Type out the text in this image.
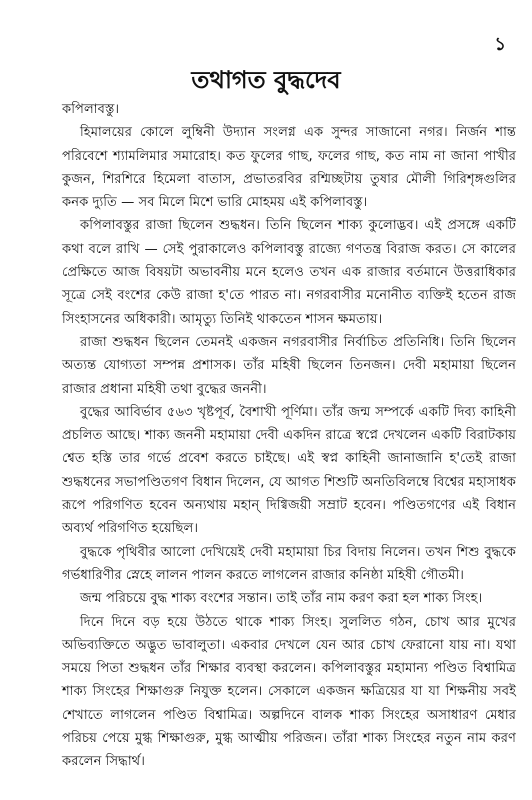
১
তথাগত বুদ্ধদেব

কপিলাবস্তু।

হিমালয়ের কোলে লুম্বিনী উদ্যান সংলগ্ন এক সুন্দর সাজানো নগর। নির্জন শান্ত পরিবেশে শ্যামলিমার সমারোহ। কত ফুলের গাছ, ফলের গাছ, কত নাম না জানা পাখীর কুজন, শিরশিরে হিমেলা বাতাস, প্রভাতরবির রশ্মিচ্ছটায় তুষার মৌলী গিরিশৃঙ্গগুলির কনক দ্যুতি — সব মিলে মিশে ভারি মোহময় এই কপিলাবস্তু।

কপিলাবস্তুর রাজা ছিলেন শুদ্ধধন। তিনি ছিলেন শাক্য কুলোদ্ভব। এই প্রসঙ্গে একটি কথা বলে রাখি — সেই পুরাকালেও কপিলাবস্তু রাজ্যে গণতন্ত্র বিরাজ করত। সে কালের প্রেক্ষিতে আজ বিষয়টা অভাবনীয় মনে হলেও তখন এক রাজার বর্তমানে উত্তরাধিকার সূত্রে সেই বংশের কেউ রাজা হ'তে পারত না। নগরবাসীর মনোনীত ব্যক্তিই হতেন রাজ সিংহাসনের অধিকারী। আমৃত্যু তিনিই থাকতেন শাসন ক্ষমতায়।

রাজা শুদ্ধধন ছিলেন তেমনই একজন নগরবাসীর নির্বাচিত প্রতিনিধি। তিনি ছিলেন অত্যন্ত যোগ্যতা সম্পন্ন প্রশাসক। তাঁর মহিষী ছিলেন তিনজন। দেবী মহামায়া ছিলেন রাজার প্রধানা মহিষী তথা বুদ্ধের জননী।

বুদ্ধের আবির্ভাব ৫৬৩ খৃষ্টপূর্ব, বৈশাখী পূর্ণিমা। তাঁর জন্ম সম্পর্কে একটি দিব্য কাহিনী প্রচলিত আছে। শাক্য জননী মহামায়া দেবী একদিন রাত্রে স্বপ্নে দেখলেন একটি বিরাটকায় শ্বেত হস্তি তার গর্ভে প্রবেশ করতে চাইছে। এই স্বপ্ন কাহিনী জানাজানি হ'তেই রাজা শুদ্ধধনের সভাপণ্ডিতগণ বিধান দিলেন, যে আগত শিশুটি অনতিবিলম্বে বিশ্বের মহাসাধক রূপে পরিগণিত হবেন অন্যথায় মহান্ দিগ্বিজয়ী সম্রাট হবেন। পণ্ডিতগণের এই বিধান অব্যর্থ পরিগণিত হয়েছিল।

বুদ্ধকে পৃথিবীর আলো দেখিয়েই দেবী মহামায়া চির বিদায় নিলেন। তখন শিশু বুদ্ধকে গর্ভধারিণীর স্নেহে লালন পালন করতে লাগলেন রাজার কনিষ্ঠা মহিষী গৌতমী।

জন্ম পরিচয়ে বুদ্ধ শাক্য বংশের সন্তান। তাই তাঁর নাম করণ করা হল শাক্য সিংহ।

দিনে দিনে বড় হয়ে উঠতে থাকে শাক্য সিংহ। সুললিত গঠন, চোখ আর মুখের অভিব্যক্তিতে অদ্ভুত ভাবালুতা। একবার দেখলে যেন আর চোখ ফেরানো যায় না। যথা সময়ে পিতা শুদ্ধধন তাঁর শিক্ষার ব্যবস্থা করলেন। কপিলাবস্তুর মহামান্য পণ্ডিত বিশ্বামিত্র শাক্য সিংহের শিক্ষাগুরু নিযুক্ত হলেন। সেকালে একজন ক্ষত্রিয়ের যা যা শিক্ষনীয় সবই শেখাতে লাগলেন পণ্ডিত বিশ্বামিত্র। অল্পদিনে বালক শাক্য সিংহের অসাধারণ মেধার পরিচয় পেয়ে মুগ্ধ শিক্ষাগুরু, মুগ্ধ আত্মীয় পরিজন। তাঁরা শাক্য সিংহের নতুন নাম করণ করলেন সিদ্ধার্থ।
